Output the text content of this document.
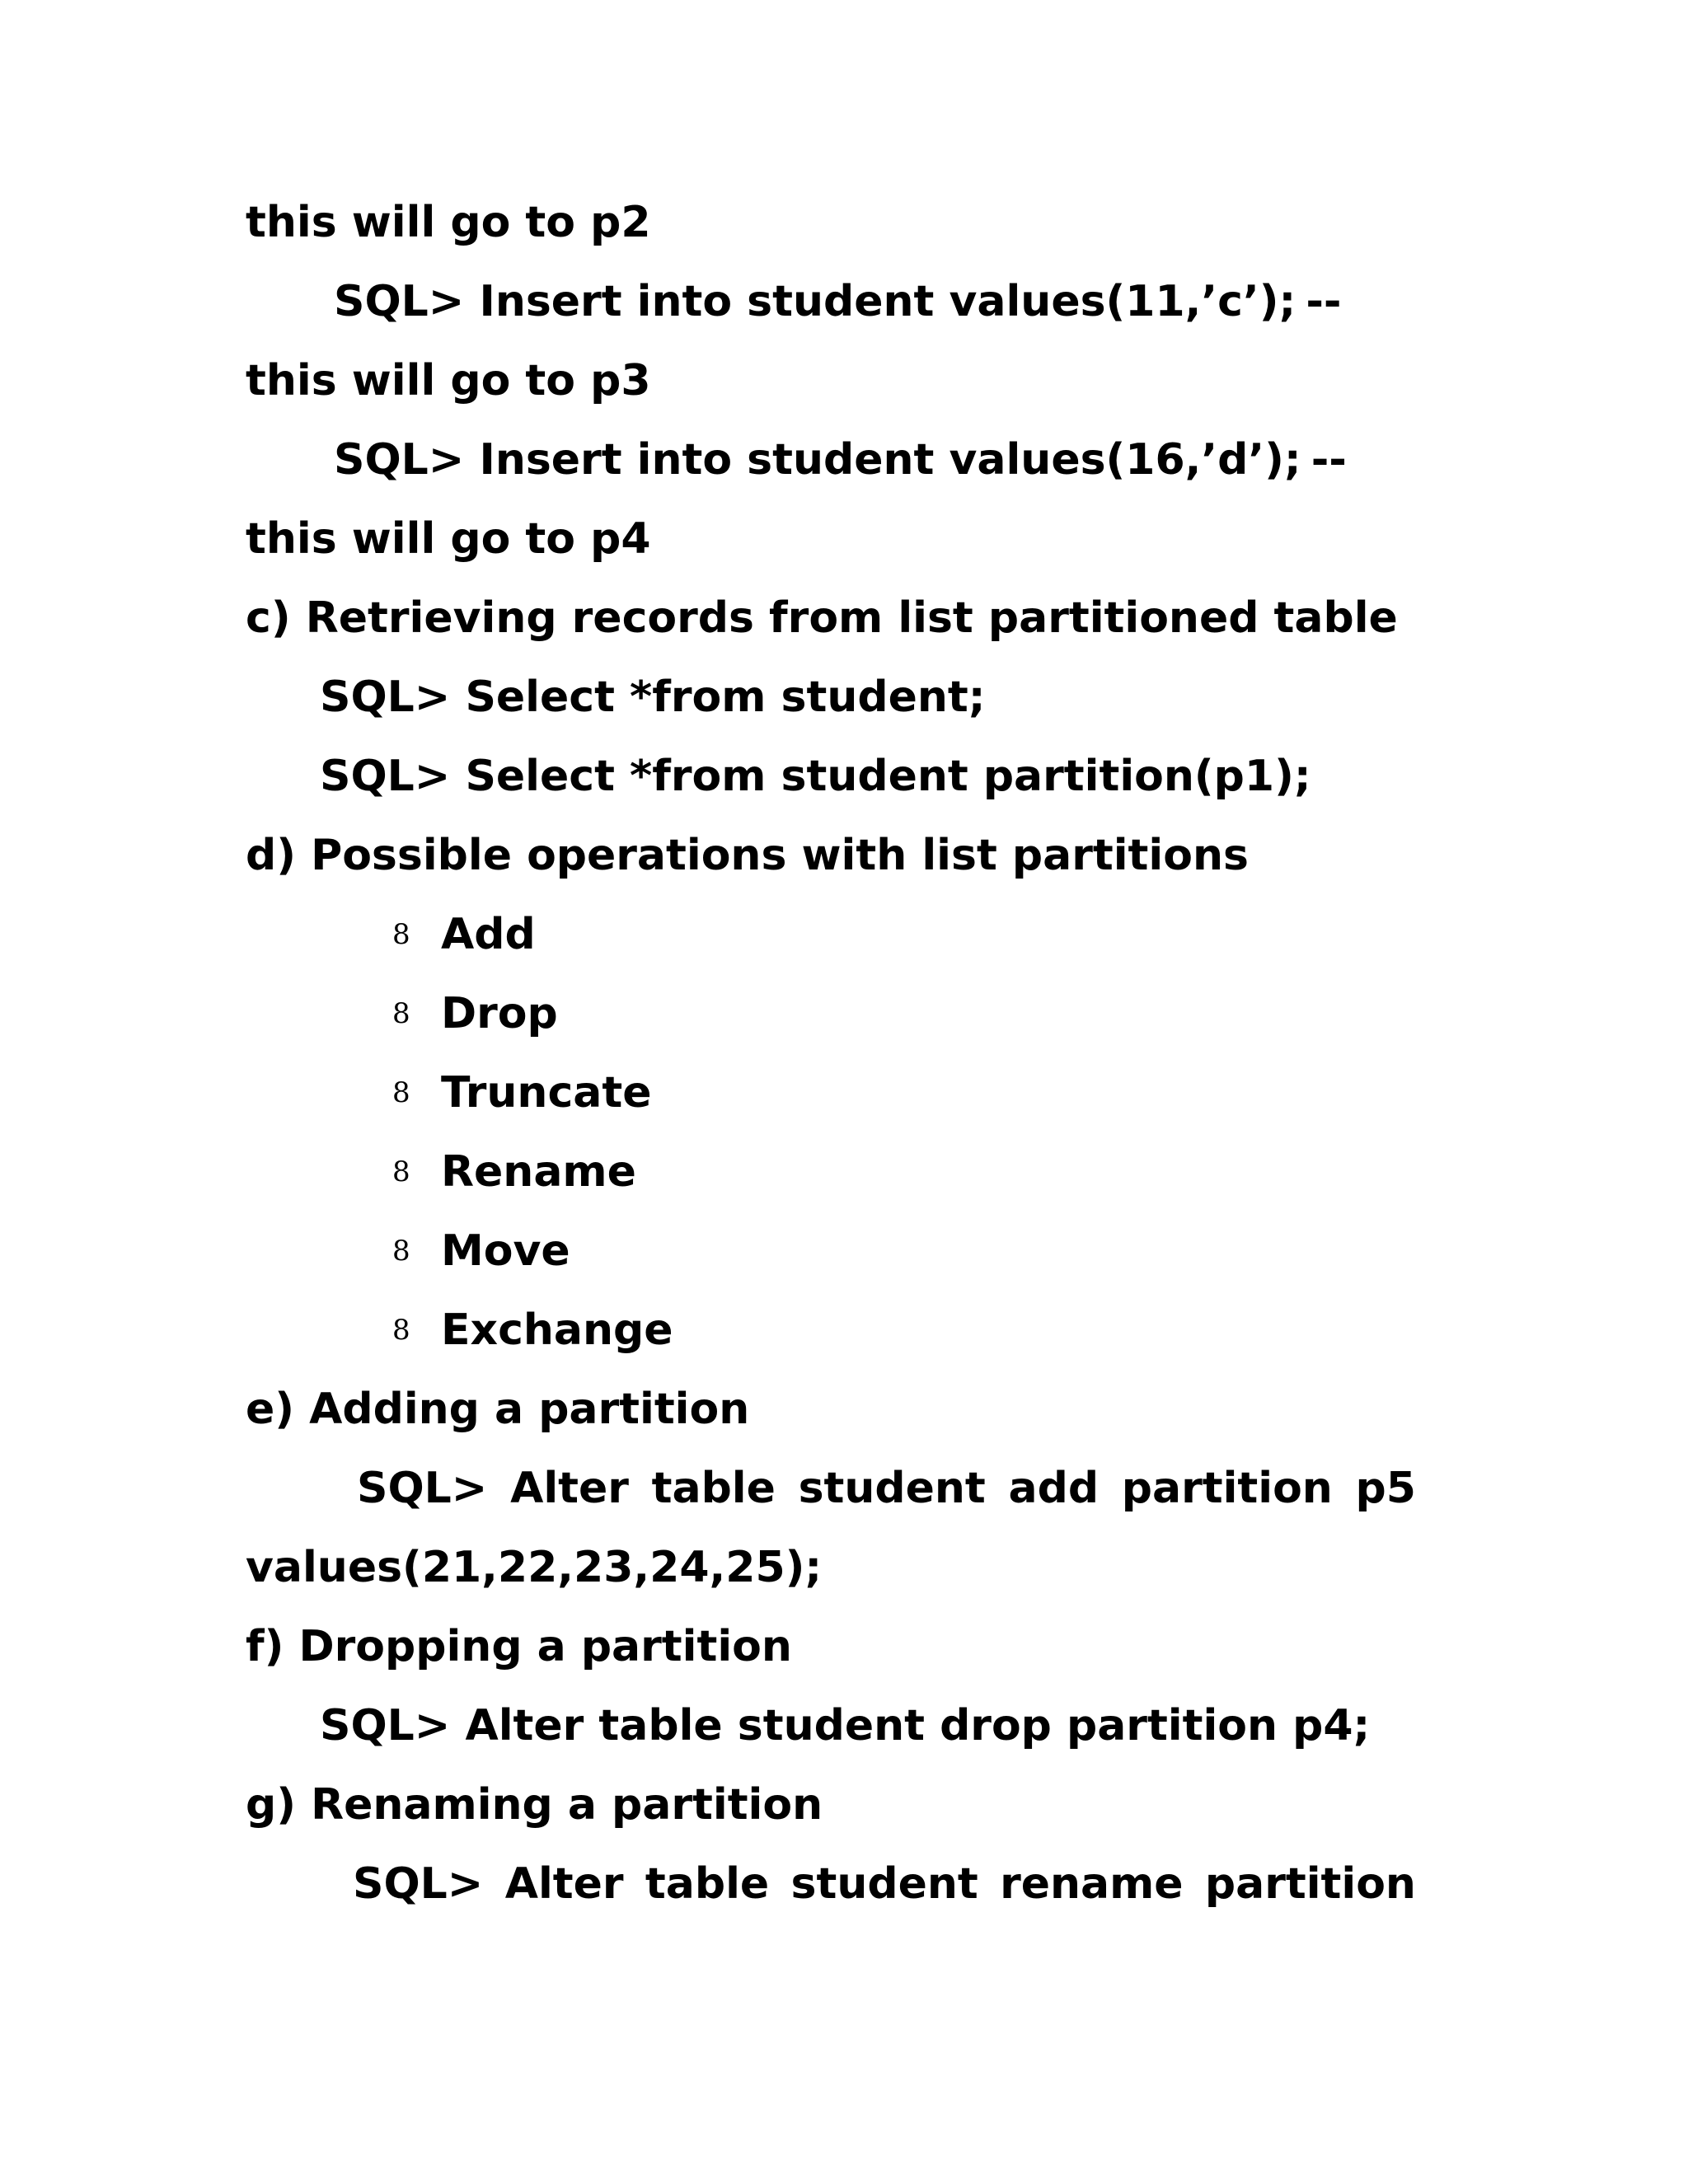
this will go to p2
SQL> Insert into student values(11,’c’); --
this will go to p3
SQL> Insert into student values(16,’d’); --
this will go to p4
c) Retrieving records from list partitioned table
SQL> Select *from student;
SQL> Select *from student partition(p1);
d) Possible operations with list partitions
8 Add
8 Drop
8 Truncate
8 Rename
8 Move
8 Exchange
e) Adding a partition
SQL> Alter table student add partition p5
values(21,22,23,24,25);
f) Dropping a partition
SQL> Alter table student drop partition p4;
g) Renaming a partition
SQL> Alter table student rename partition
